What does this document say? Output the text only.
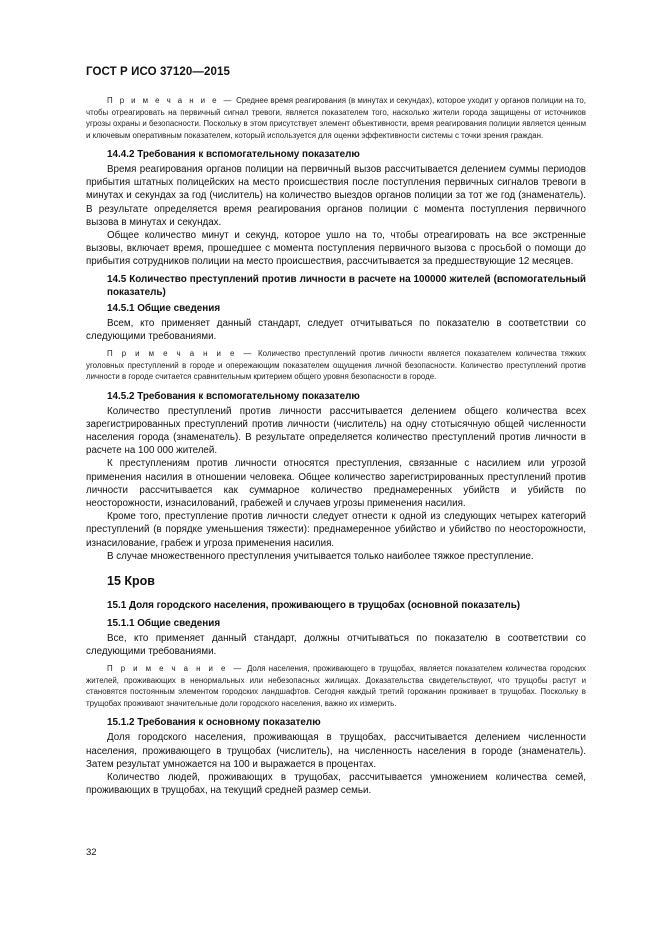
ГОСТ Р ИСО 37120—2015

П р и м е ч а н и е — Среднее время реагирования (в минутах и секундах), которое уходит у органов полиции на то, чтобы отреагировать на первичный сигнал тревоги, является показателем того, насколько жители города защищены от источников угрозы охраны и безопасности. Поскольку в этом присутствует элемент объективности, время реагирования полиции является ценным и ключевым оперативным показателем, который используется для оценки эффективности системы с точки зрения граждан.

14.4.2 Требования к вспомогательному показателю

Время реагирования органов полиции на первичный вызов рассчитывается делением суммы периодов прибытия штатных полицейских на место происшествия после поступления первичных сигналов тревоги в минутах и секундах за год (числитель) на количество выездов органов полиции за тот же год (знаменатель). В результате определяется время реагирования органов полиции с момента поступления первичного вызова в минутах и секундах.

Общее количество минут и секунд, которое ушло на то, чтобы отреагировать на все экстренные вызовы, включает время, прошедшее с момента поступления первичного вызова с просьбой о помощи до прибытия сотрудников полиции на место происшествия, рассчитывается за предшествующие 12 месяцев.

14.5 Количество преступлений против личности в расчете на 100000 жителей (вспомогательный показатель)

14.5.1 Общие сведения

Всем, кто применяет данный стандарт, следует отчитываться по показателю в соответствии со следующими требованиями.

П р и м е ч а н и е — Количество преступлений против личности является показателем количества тяжких уголовных преступлений в городе и опережающим показателем ощущения личной безопасности. Количество преступлений против личности в городе считается сравнительным критерием общего уровня безопасности в городе.

14.5.2 Требования к вспомогательному показателю

Количество преступлений против личности рассчитывается делением общего количества всех зарегистрированных преступлений против личности (числитель) на одну стотысячную общей численности населения города (знаменатель). В результате определяется количество преступлений против личности в расчете на 100 000 жителей.

К преступлениям против личности относятся преступления, связанные с насилием или угрозой применения насилия в отношении человека. Общее количество зарегистрированных преступлений против личности рассчитывается как суммарное количество преднамеренных убийств и убийств по неосторожности, изнасилований, грабежей и случаев угрозы применения насилия.

Кроме того, преступление против личности следует отнести к одной из следующих четырех категорий преступлений (в порядке уменьшения тяжести): преднамеренное убийство и убийство по неосторожности, изнасилование, грабеж и угроза применения насилия.

В случае множественного преступления учитывается только наиболее тяжкое преступление.

15 Кров

15.1 Доля городского населения, проживающего в трущобах (основной показатель)

15.1.1 Общие сведения

Все, кто применяет данный стандарт, должны отчитываться по показателю в соответствии со следующими требованиями.

П р и м е ч а н и е — Доля населения, проживающего в трущобах, является показателем количества городских жителей, проживающих в ненормальных или небезопасных жилищах. Доказательства свидетельствуют, что трущобы растут и становятся постоянным элементом городских ландшафтов. Сегодня каждый третий горожанин проживает в трущобах. Поскольку в трущобах проживают значительные доли городского населения, важно их измерить.

15.1.2 Требования к основному показателю

Доля городского населения, проживающая в трущобах, рассчитывается делением численности населения, проживающего в трущобах (числитель), на численность населения в городе (знаменатель). Затем результат умножается на 100 и выражается в процентах.

Количество людей, проживающих в трущобах, рассчитывается умножением количества семей, проживающих в трущобах, на текущий средней размер семьи.

32
